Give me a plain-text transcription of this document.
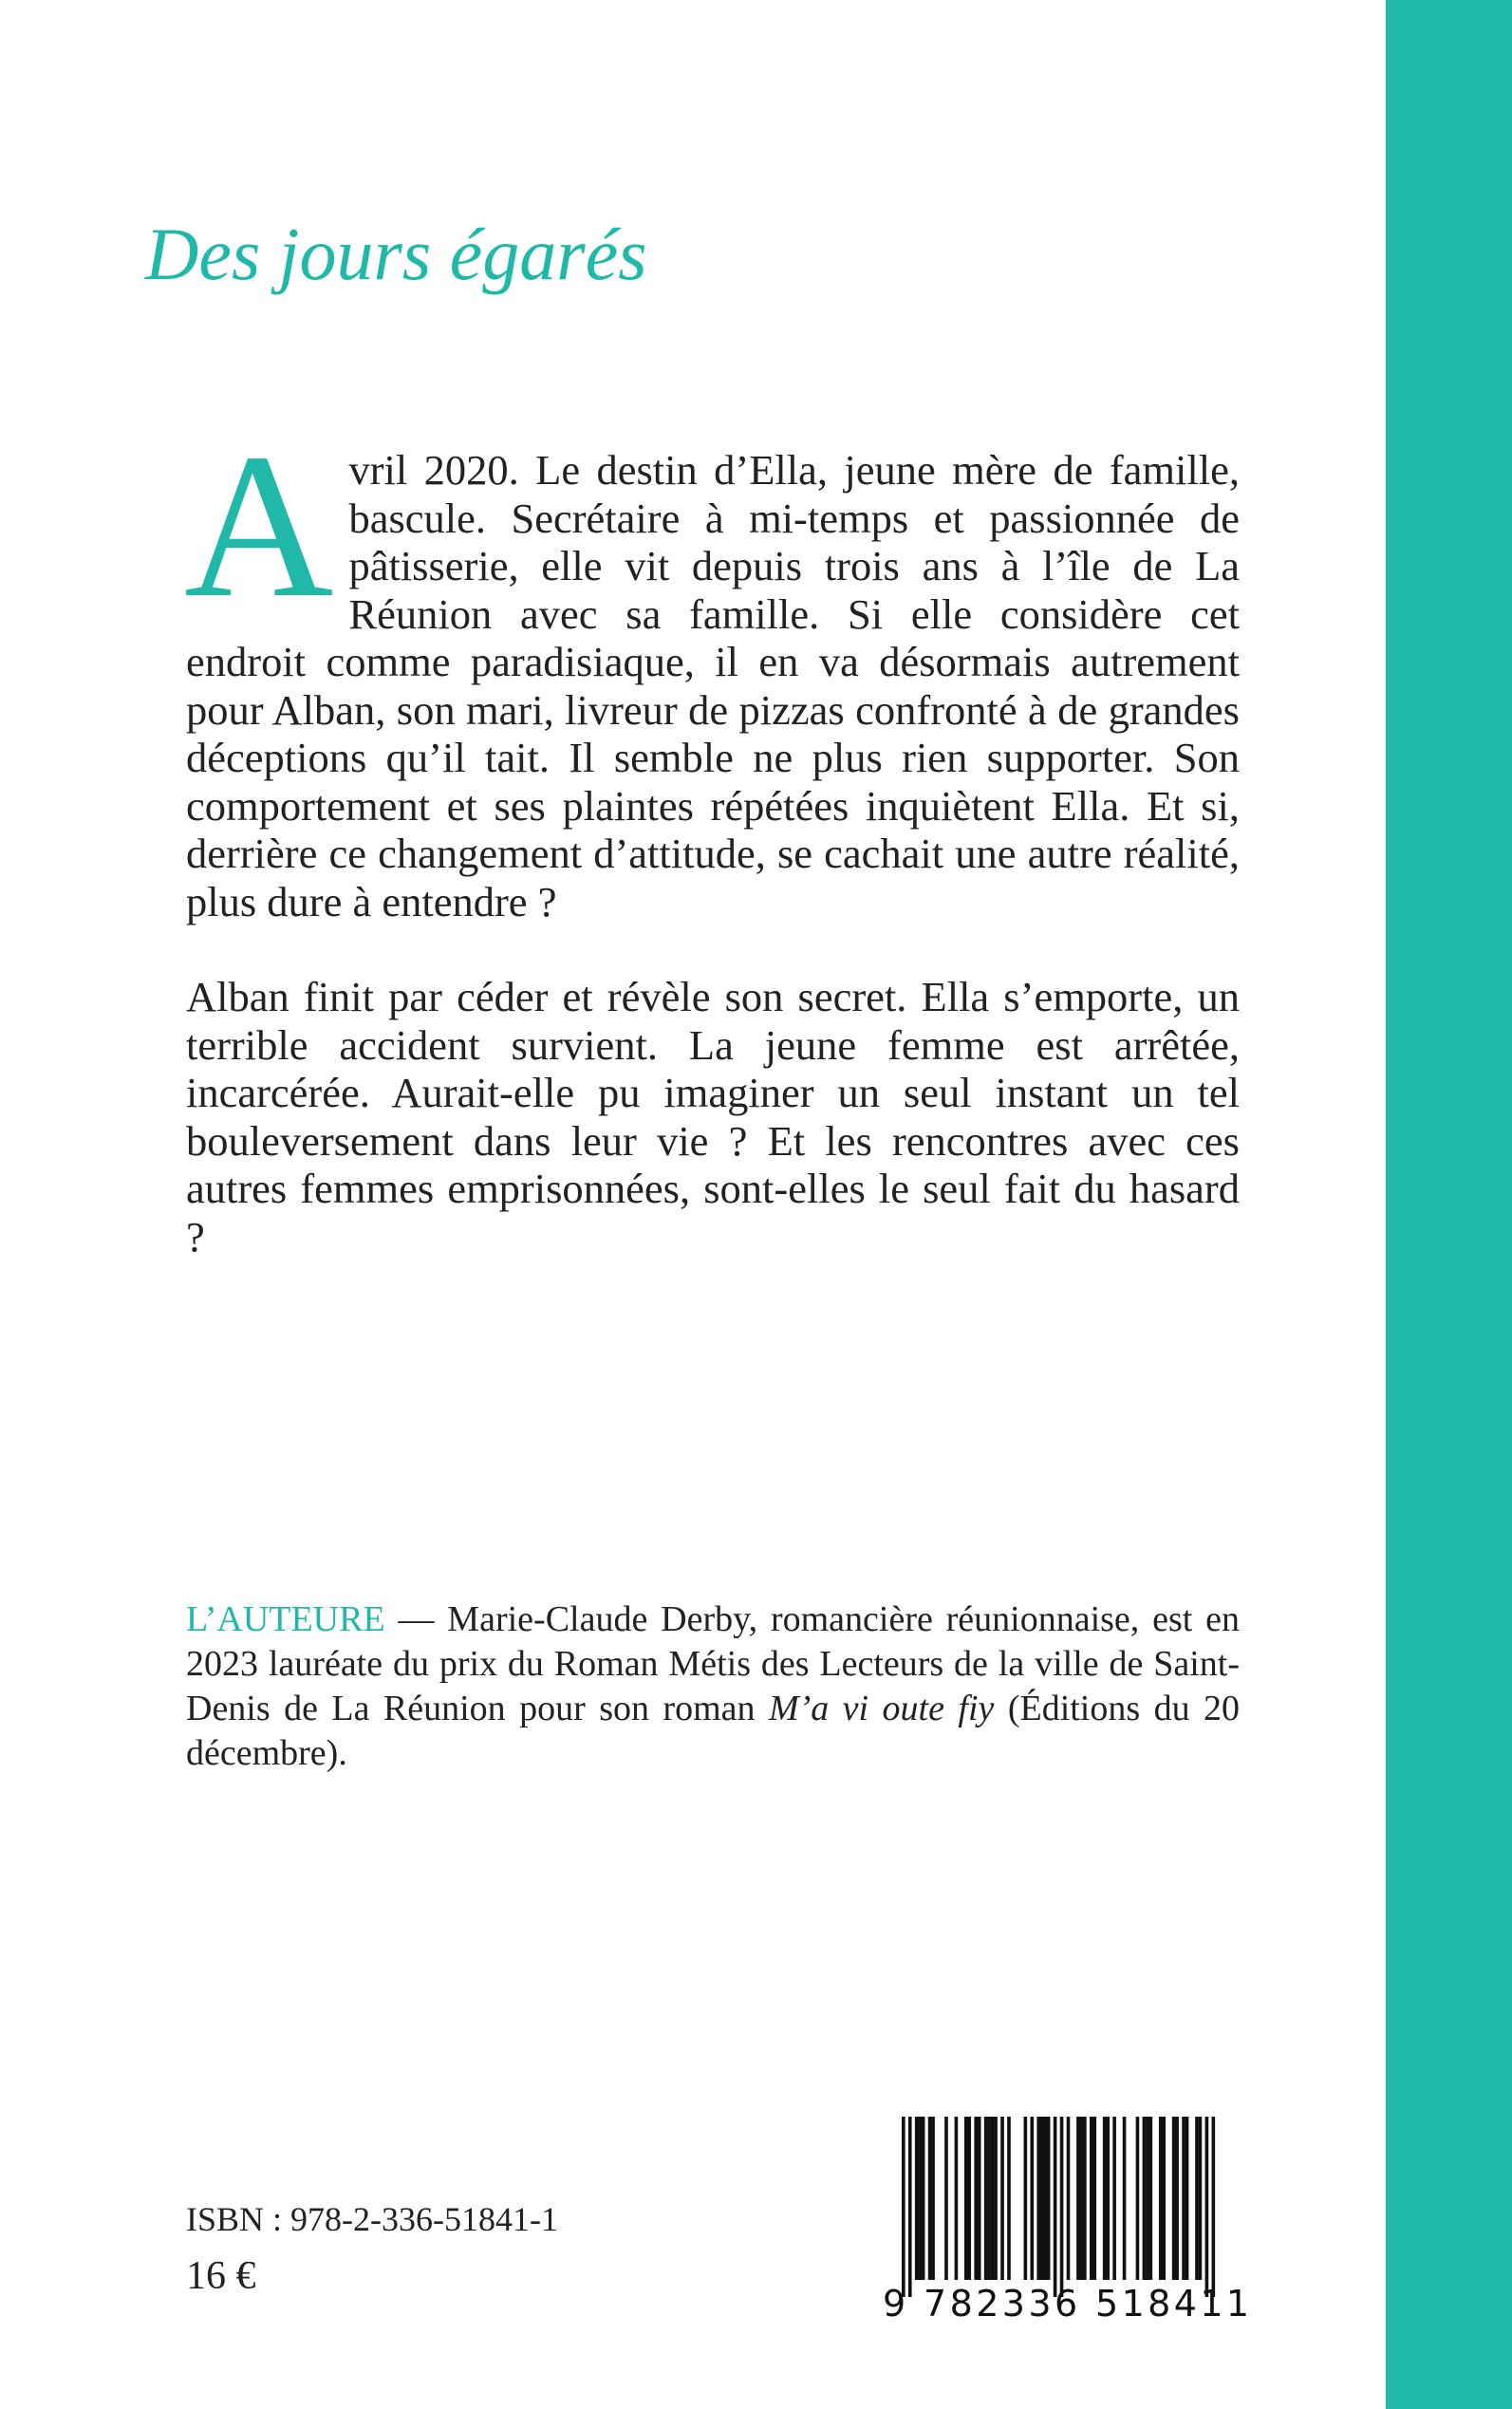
Des jours égarés

Avril 2020. Le destin d’Ella, jeune mère de famille, bascule. Secrétaire à mi-temps et passionnée de pâtisserie, elle vit depuis trois ans à l’île de La Réunion avec sa famille. Si elle considère cet endroit comme paradisiaque, il en va désormais autrement pour Alban, son mari, livreur de pizzas confronté à de grandes déceptions qu’il tait. Il semble ne plus rien supporter. Son comportement et ses plaintes répétées inquiètent Ella. Et si, derrière ce changement d’attitude, se cachait une autre réalité, plus dure à entendre ?

Alban finit par céder et révèle son secret. Ella s’emporte, un terrible accident survient. La jeune femme est arrêtée, incarcérée. Aurait-elle pu imaginer un seul instant un tel bouleversement dans leur vie ? Et les rencontres avec ces autres femmes emprisonnées, sont-elles le seul fait du hasard ?

L’AUTEURE — Marie-Claude Derby, romancière réunionnaise, est en 2023 lauréate du prix du Roman Métis des Lecteurs de la ville de Saint-Denis de La Réunion pour son roman M’a vi oute fiy (Éditions du 20 décembre).

ISBN : 978-2-336-51841-1
16 €
9 782336 518411
